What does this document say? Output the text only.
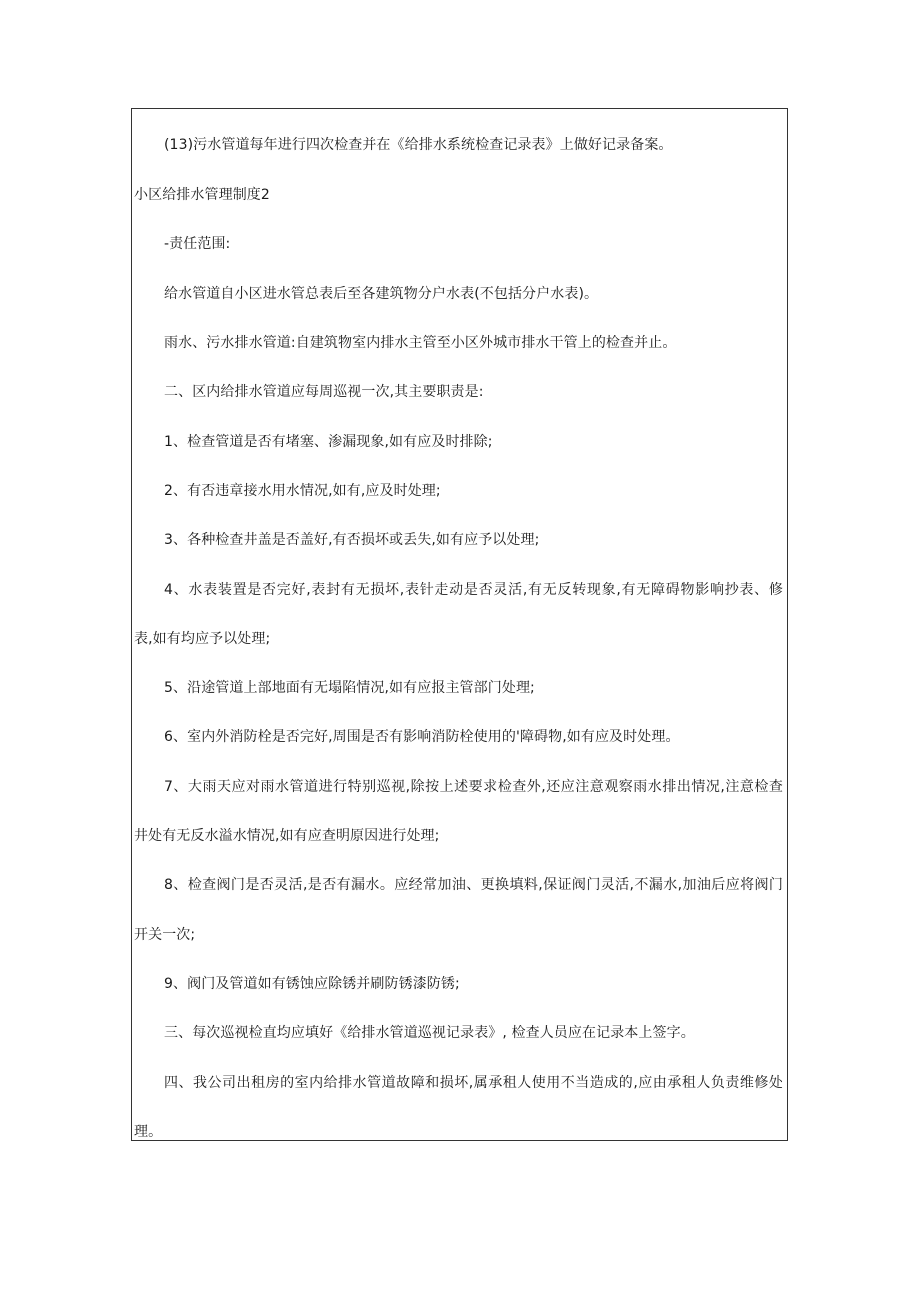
(13)污水管道每年进行四次检查并在《给排水系统检查记录表》上做好记录备案。
小区给排水管理制度2
-责任范围:
给水管道自小区进水管总表后至各建筑物分户水表(不包括分户水表)。
雨水、污水排水管道:自建筑物室内排水主管至小区外城市排水干管上的检查并止。
二、区内给排水管道应每周巡视一次,其主要职责是:
1、检查管道是否有堵塞、渗漏现象,如有应及时排除;
2、有否违章接水用水情况,如有,应及时处理;
3、各种检查井盖是否盖好,有否损坏或丢失,如有应予以处理;
4、水表装置是否完好,表封有无损坏,表针走动是否灵活,有无反转现象,有无障碍物影响抄表、修
表,如有均应予以处理;
5、沿途管道上部地面有无塌陷情况,如有应报主管部门处理;
6、室内外消防栓是否完好,周围是否有影响消防栓使用的'障碍物,如有应及时处理。
7、大雨天应对雨水管道进行特别巡视,除按上述要求检查外,还应注意观察雨水排出情况,注意检查
井处有无反水溢水情况,如有应查明原因进行处理;
8、检查阀门是否灵活,是否有漏水。应经常加油、更换填料,保证阀门灵活,不漏水,加油后应将阀门
开关一次;
9、阀门及管道如有锈蚀应除锈并刷防锈漆防锈;
三、每次巡视检直均应填好《给排水管道巡视记录表》, 检查人员应在记录本上签字。
四、我公司出租房的室内给排水管道故障和损坏,属承租人使用不当造成的,应由承租人负责维修处
理。
